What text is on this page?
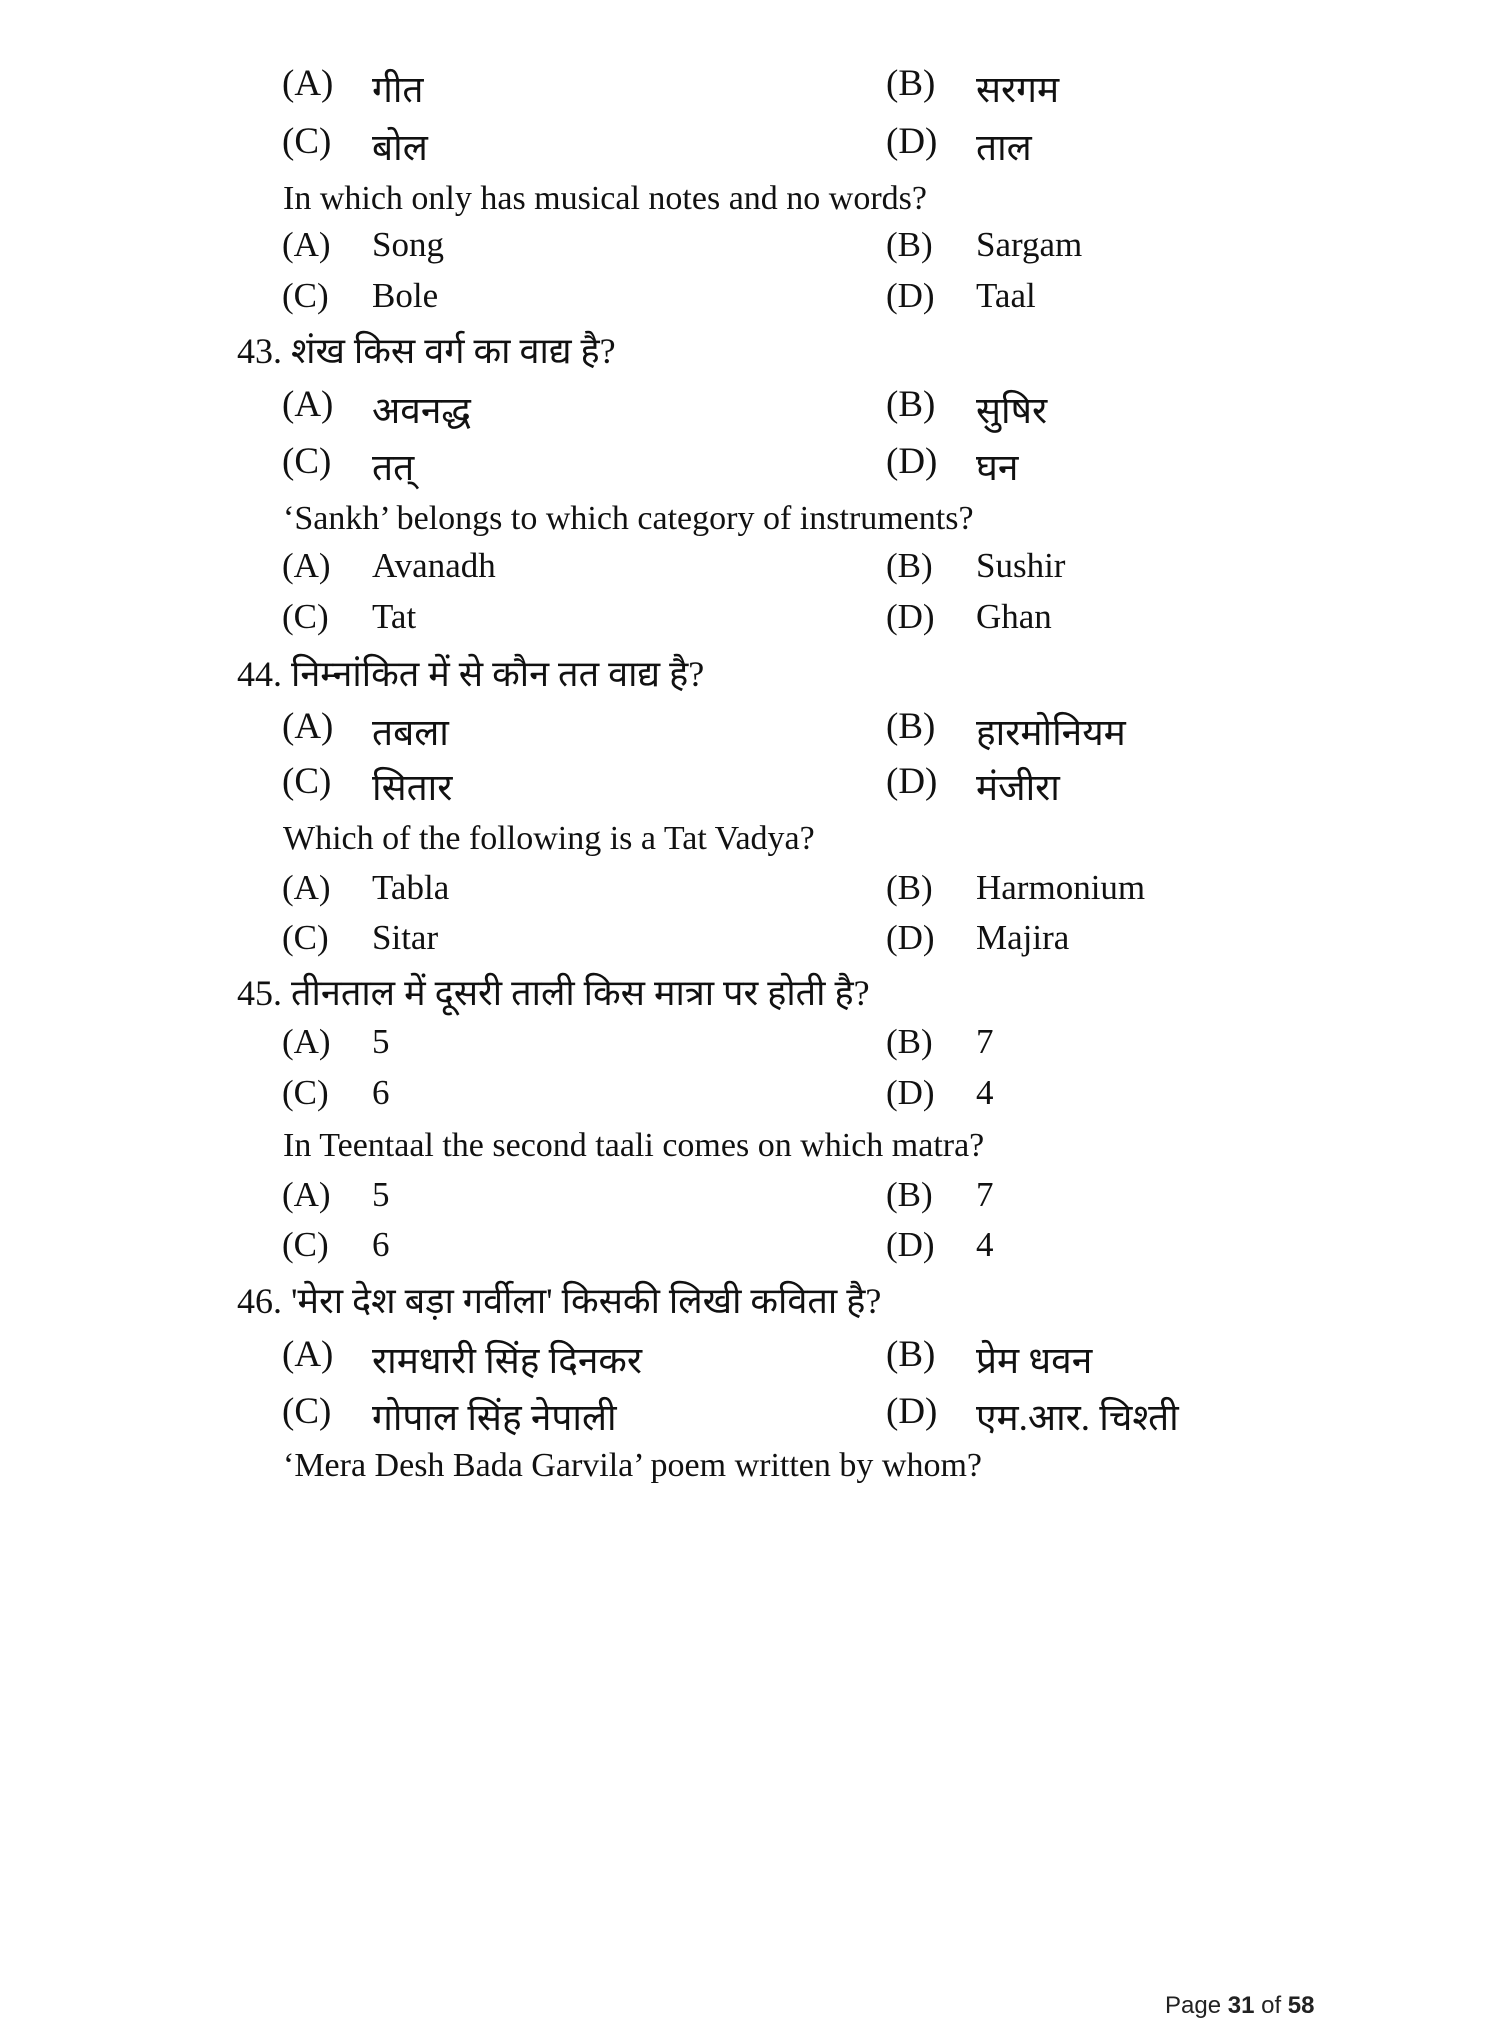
(A) गीत	(B) सरगम
(C) बोल	(D) ताल
In which only has musical notes and no words?
(A) Song	(B) Sargam
(C) Bole	(D) Taal
43. शंख किस वर्ग का वाद्य है?
(A) अवनद्ध	(B) सुषिर
(C) तत्	(D) घन
‘Sankh’ belongs to which category of instruments?
(A) Avanadh	(B) Sushir
(C) Tat	(D) Ghan
44. निम्नांकित में से कौन तत वाद्य है?
(A) तबला	(B) हारमोनियम
(C) सितार	(D) मंजीरा
Which of the following is a Tat Vadya?
(A) Tabla	(B) Harmonium
(C) Sitar	(D) Majira
45. तीनताल में दूसरी ताली किस मात्रा पर होती है?
(A) 5	(B) 7
(C) 6	(D) 4
In Teentaal the second taali comes on which matra?
(A) 5	(B) 7
(C) 6	(D) 4
46. 'मेरा देश बड़ा गर्वीला' किसकी लिखी कविता है?
(A) रामधारी सिंह दिनकर	(B) प्रेम धवन
(C) गोपाल सिंह नेपाली	(D) एम.आर. चिश्ती
‘Mera Desh Bada Garvila’ poem written by whom?
Page 31 of 58
